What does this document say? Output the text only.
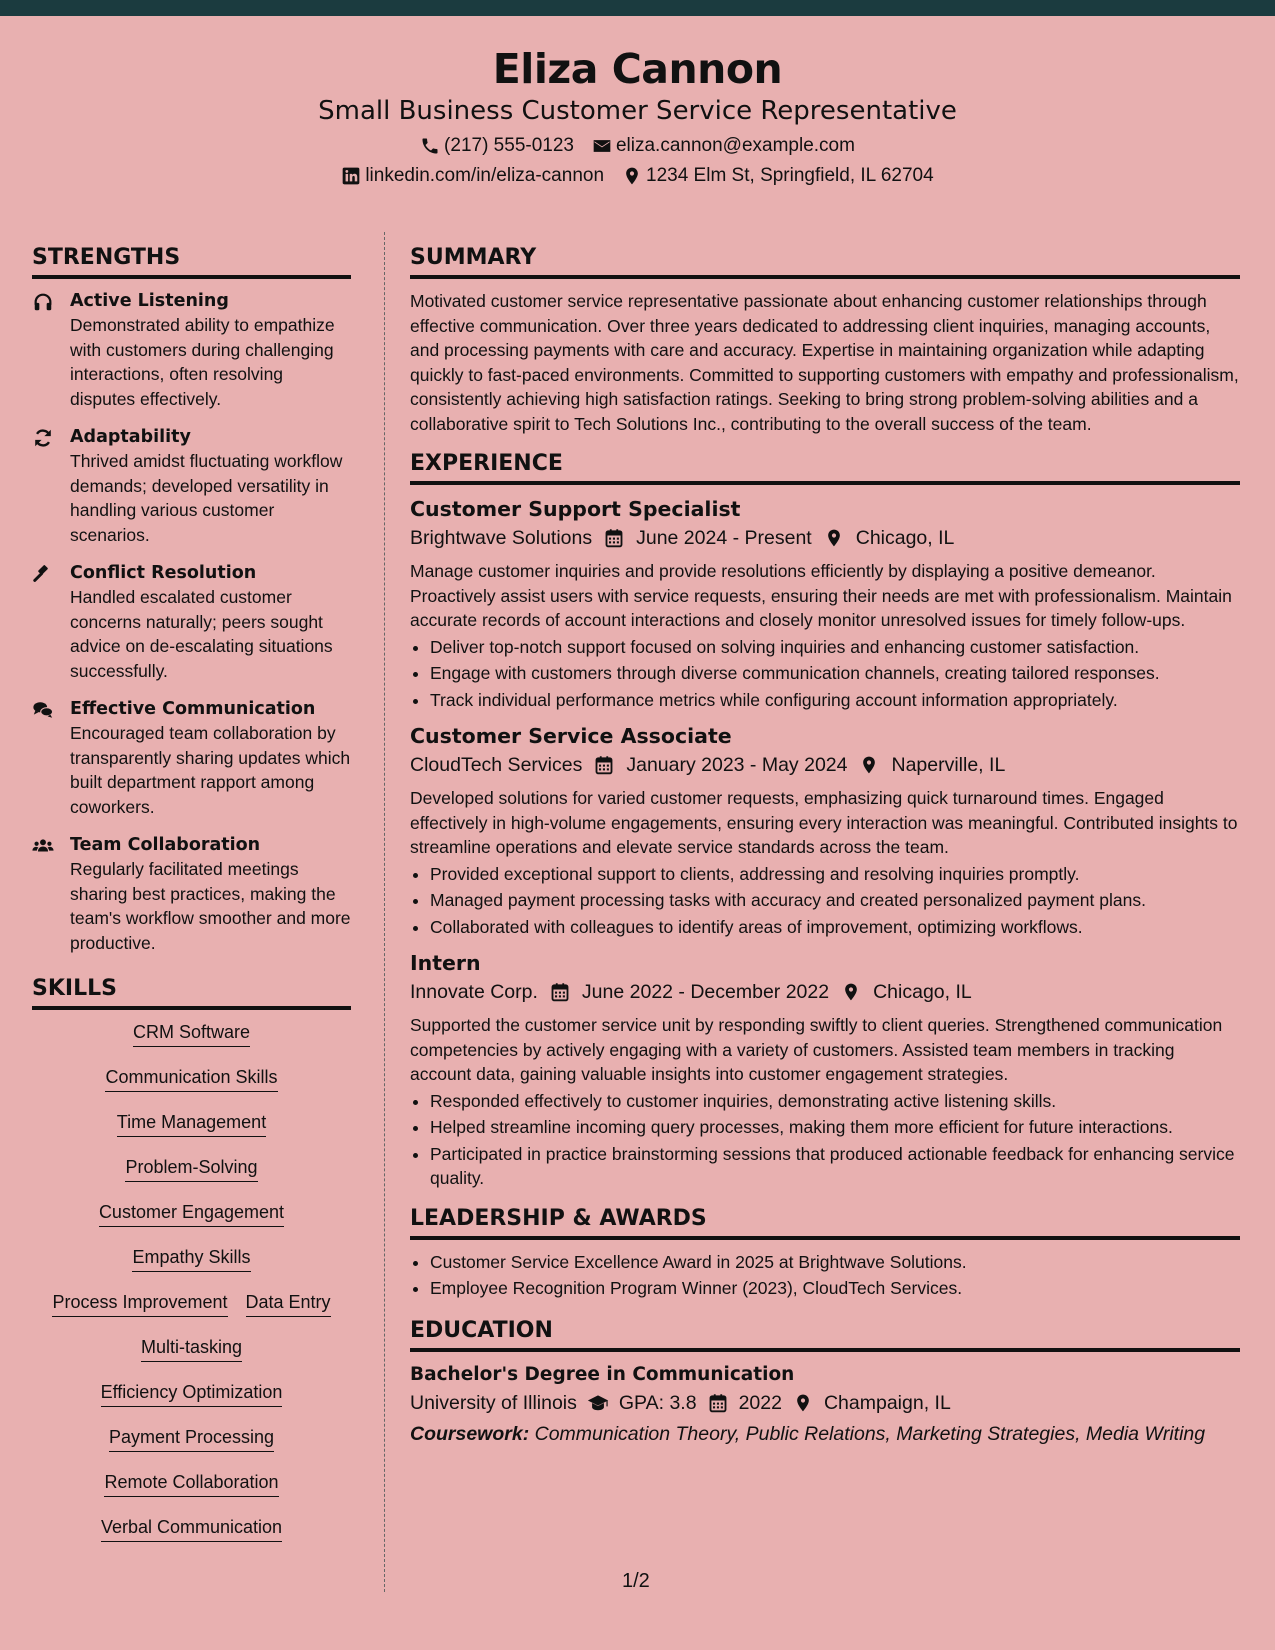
Eliza Cannon
Small Business Customer Service Representative
(217) 555-0123 eliza.cannon@example.com
linkedin.com/in/eliza-cannon 1234 Elm St, Springfield, IL 62704
STRENGTHS
Active Listening
Demonstrated ability to empathize with customers during challenging interactions, often resolving disputes effectively.
Adaptability
Thrived amidst fluctuating workflow demands; developed versatility in handling various customer scenarios.
Conflict Resolution
Handled escalated customer concerns naturally; peers sought advice on de-escalating situations successfully.
Effective Communication
Encouraged team collaboration by transparently sharing updates which built department rapport among coworkers.
Team Collaboration
Regularly facilitated meetings sharing best practices, making the team's workflow smoother and more productive.
SKILLS
CRM Software
Communication Skills
Time Management
Problem-Solving
Customer Engagement
Empathy Skills
Process Improvement Data Entry
Multi-tasking
Efficiency Optimization
Payment Processing
Remote Collaboration
Verbal Communication
SUMMARY
Motivated customer service representative passionate about enhancing customer relationships through effective communication. Over three years dedicated to addressing client inquiries, managing accounts, and processing payments with care and accuracy. Expertise in maintaining organization while adapting quickly to fast-paced environments. Committed to supporting customers with empathy and professionalism, consistently achieving high satisfaction ratings. Seeking to bring strong problem-solving abilities and a collaborative spirit to Tech Solutions Inc., contributing to the overall success of the team.
EXPERIENCE
Customer Support Specialist
Brightwave Solutions June 2024 - Present Chicago, IL
Manage customer inquiries and provide resolutions efficiently by displaying a positive demeanor. Proactively assist users with service requests, ensuring their needs are met with professionalism. Maintain accurate records of account interactions and closely monitor unresolved issues for timely follow-ups.
• Deliver top-notch support focused on solving inquiries and enhancing customer satisfaction.
• Engage with customers through diverse communication channels, creating tailored responses.
• Track individual performance metrics while configuring account information appropriately.
Customer Service Associate
CloudTech Services January 2023 - May 2024 Naperville, IL
Developed solutions for varied customer requests, emphasizing quick turnaround times. Engaged effectively in high-volume engagements, ensuring every interaction was meaningful. Contributed insights to streamline operations and elevate service standards across the team.
• Provided exceptional support to clients, addressing and resolving inquiries promptly.
• Managed payment processing tasks with accuracy and created personalized payment plans.
• Collaborated with colleagues to identify areas of improvement, optimizing workflows.
Intern
Innovate Corp. June 2022 - December 2022 Chicago, IL
Supported the customer service unit by responding swiftly to client queries. Strengthened communication competencies by actively engaging with a variety of customers. Assisted team members in tracking account data, gaining valuable insights into customer engagement strategies.
• Responded effectively to customer inquiries, demonstrating active listening skills.
• Helped streamline incoming query processes, making them more efficient for future interactions.
• Participated in practice brainstorming sessions that produced actionable feedback for enhancing service quality.
LEADERSHIP & AWARDS
• Customer Service Excellence Award in 2025 at Brightwave Solutions.
• Employee Recognition Program Winner (2023), CloudTech Services.
EDUCATION
Bachelor's Degree in Communication
University of Illinois GPA: 3.8 2022 Champaign, IL
Coursework: Communication Theory, Public Relations, Marketing Strategies, Media Writing
1/2
